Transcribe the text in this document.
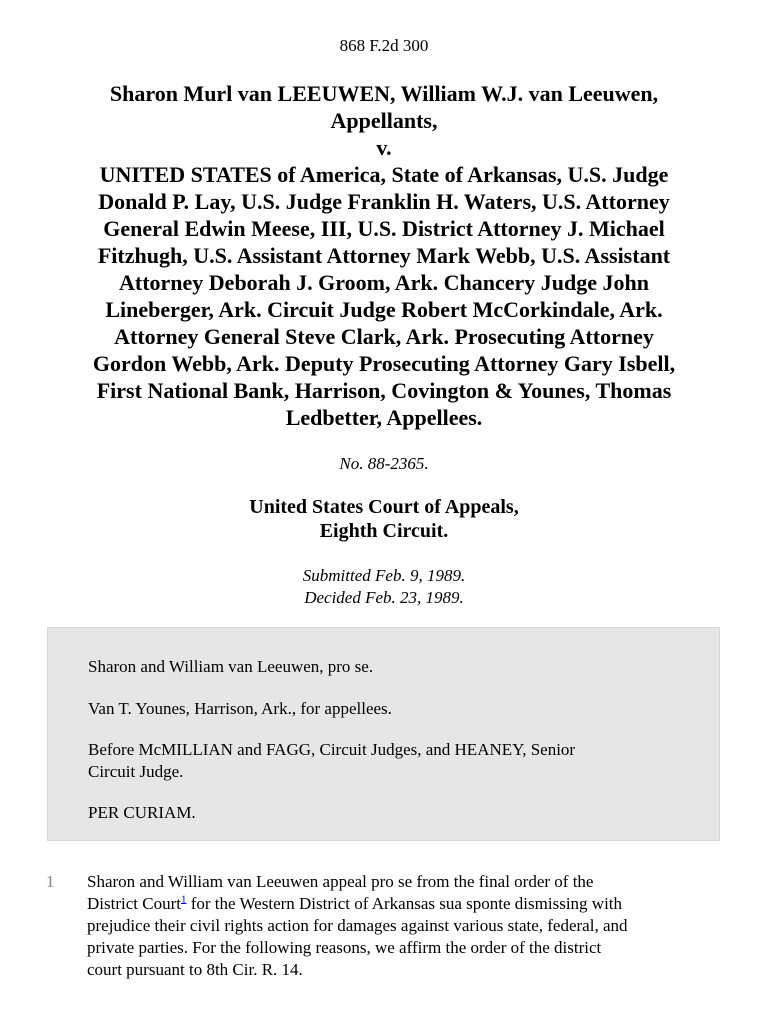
868 F.2d 300
Sharon Murl van LEEUWEN, William W.J. van Leeuwen,
Appellants,
v.
UNITED STATES of America, State of Arkansas, U.S. Judge
Donald P. Lay, U.S. Judge Franklin H. Waters, U.S. Attorney
General Edwin Meese, III, U.S. District Attorney J. Michael
Fitzhugh, U.S. Assistant Attorney Mark Webb, U.S. Assistant
Attorney Deborah J. Groom, Ark. Chancery Judge John
Lineberger, Ark. Circuit Judge Robert McCorkindale, Ark.
Attorney General Steve Clark, Ark. Prosecuting Attorney
Gordon Webb, Ark. Deputy Prosecuting Attorney Gary Isbell,
First National Bank, Harrison, Covington & Younes, Thomas
Ledbetter, Appellees.
No. 88-2365.
United States Court of Appeals,
Eighth Circuit.
Submitted Feb. 9, 1989.
Decided Feb. 23, 1989.
Sharon and William van Leeuwen, pro se.
Van T. Younes, Harrison, Ark., for appellees.
Before McMILLIAN and FAGG, Circuit Judges, and HEANEY, Senior
Circuit Judge.
PER CURIAM.
1 Sharon and William van Leeuwen appeal pro se from the final order of the
District Court$^1$ for the Western District of Arkansas sua sponte dismissing with
prejudice their civil rights action for damages against various state, federal, and
private parties. For the following reasons, we affirm the order of the district
court pursuant to 8th Cir. R. 14.
